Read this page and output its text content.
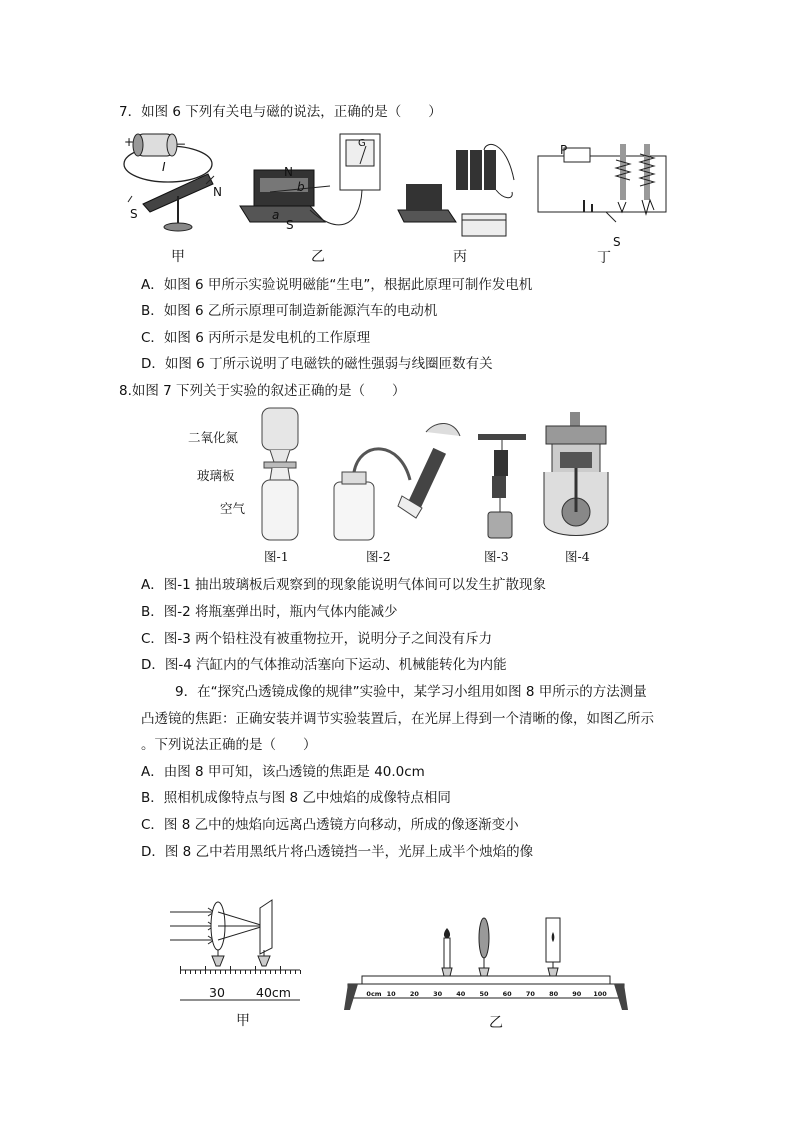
7．如图 6 下列有关电与磁的说法，正确的是（　　）
+	−
I
N
S
甲
G
N
b
a
S
乙	丙
P
S
丁
A．如图 6 甲所示实验说明磁能“生电”，根据此原理可制作发电机
B．如图 6 乙所示原理可制造新能源汽车的电动机
C．如图 6 丙所示是发电机的工作原理
D．如图 6 丁所示说明了电磁铁的磁性强弱与线圈匝数有关
8.如图 7 下列关于实验的叙述正确的是（　　）
二氧化氮
玻璃板
空气
图-1	图-2	图-3	图-4
A．图-1 抽出玻璃板后观察到的现象能说明气体间可以发生扩散现象
B．图-2 将瓶塞弹出时，瓶内气体内能减少
C．图-3 两个铅柱没有被重物拉开，说明分子之间没有斥力
D．图-4 汽缸内的气体推动活塞向下运动、机械能转化为内能
9．在“探究凸透镜成像的规律”实验中，某学习小组用如图 8 甲所示的方法测量
凸透镜的焦距：正确安装并调节实验装置后，在光屏上得到一个清晰的像，如图乙所示
。下列说法正确的是（　　）
A．由图 8 甲可知，该凸透镜的焦距是 40.0cm
B．照相机成像特点与图 8 乙中烛焰的成像特点相同
C．图 8 乙中的烛焰向远离凸透镜方向移动，所成的像逐渐变小
D．图 8 乙中若用黑纸片将凸透镜挡一半，光屏上成半个烛焰的像
30 40cm
甲
0cm 10 20 30 40 50 60 70 80 90 100
乙
